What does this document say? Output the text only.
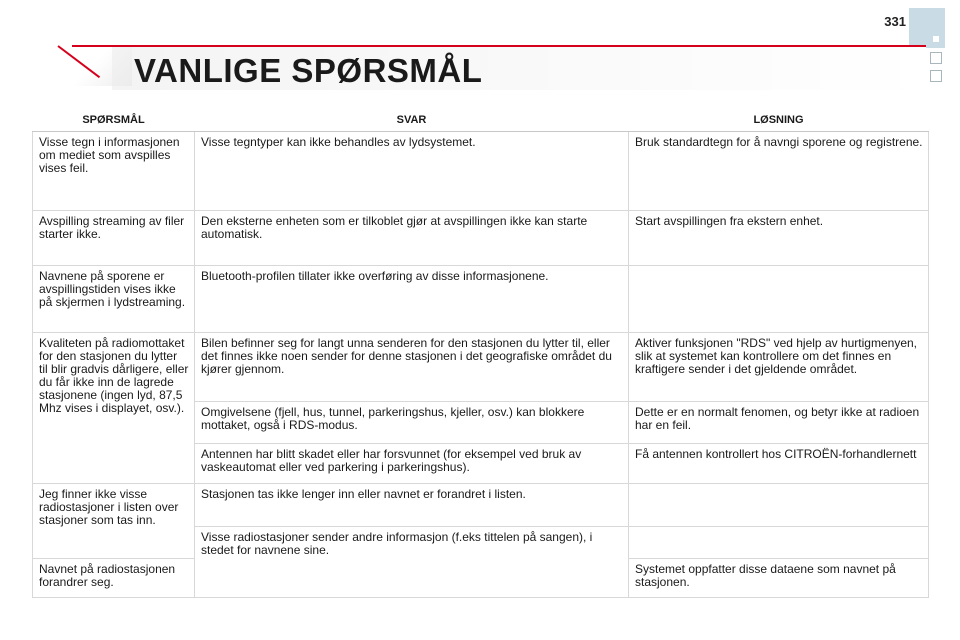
331
VANLIGE SPØRSMÅL
SPØRSMÅL	SVAR	LØSNING
Visse tegn i informasjonen om mediet som avspilles vises feil.	Visse tegntyper kan ikke behandles av lydsystemet.	Bruk standardtegn for å navngi sporene og registrene.
Avspilling streaming av filer starter ikke.	Den eksterne enheten som er tilkoblet gjør at avspillingen ikke kan starte automatisk.	Start avspillingen fra ekstern enhet.
Navnene på sporene er avspillingstiden vises ikke på skjermen i lydstreaming.	Bluetooth-profilen tillater ikke overføring av disse informasjonene.	
Kvaliteten på radiomottaket for den stasjonen du lytter til blir gradvis dårligere, eller du får ikke inn de lagrede stasjonene (ingen lyd, 87,5 Mhz vises i displayet, osv.).	Bilen befinner seg for langt unna senderen for den stasjonen du lytter til, eller det finnes ikke noen sender for denne stasjonen i det geografiske området du kjører gjennom.	Aktiver funksjonen "RDS" ved hjelp av hurtigmenyen, slik at systemet kan kontrollere om det finnes en kraftigere sender i det gjeldende området.
	Omgivelsene (fjell, hus, tunnel, parkeringshus, kjeller, osv.) kan blokkere mottaket, også i RDS-modus.	Dette er en normalt fenomen, og betyr ikke at radioen har en feil.
	Antennen har blitt skadet eller har forsvunnet (for eksempel ved bruk av vaskeautomat eller ved parkering i parkeringshus).	Få antennen kontrollert hos CITROËN-forhandlernett
Jeg finner ikke visse radiostasjoner i listen over stasjoner som tas inn.	Stasjonen tas ikke lenger inn eller navnet er forandret i listen.	
	Visse radiostasjoner sender andre informasjon (f.eks tittelen på sangen), i stedet for navnene sine.	
Navnet på radiostasjonen forandrer seg.		Systemet oppfatter disse dataene som navnet på stasjonen.
